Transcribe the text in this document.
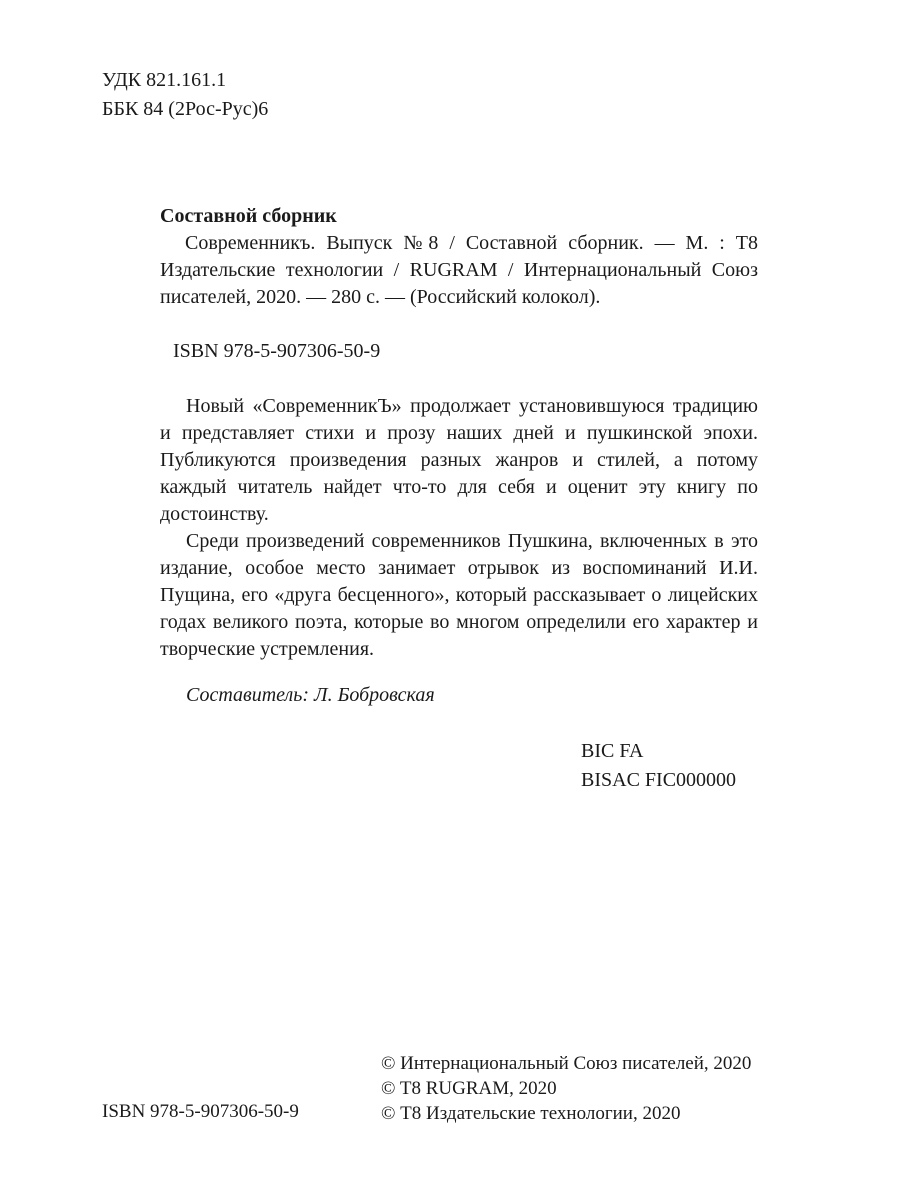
УДК 821.161.1
ББК 84 (2Рос-Рус)6
Составной сборник
Современникъ. Выпуск №8 / Составной сборник. — М. : Т8 Издательские технологии / RUGRAM / Интернациональный Союз писателей, 2020. — 280 с. — (Российский колокол).
ISBN 978-5-907306-50-9

Новый «СовременникЪ» продолжает установившуюся традицию и представляет стихи и прозу наших дней и пушкинской эпохи. Публикуются произведения разных жанров и стилей, а потому каждый читатель найдет что-то для себя и оценит эту книгу по достоинству.

Среди произведений современников Пушкина, включенных в это издание, особое место занимает отрывок из воспоминаний И.И. Пущина, его «друга бесценного», который рассказывает о лицейских годах великого поэта, которые во многом определили его характер и творческие устремления.

Составитель: Л. Бобровская
BIC FA
BISAC FIC000000
© Интернациональный Союз писателей, 2020
© T8 RUGRAM, 2020
© Т8 Издательские технологии, 2020
ISBN 978-5-907306-50-9
